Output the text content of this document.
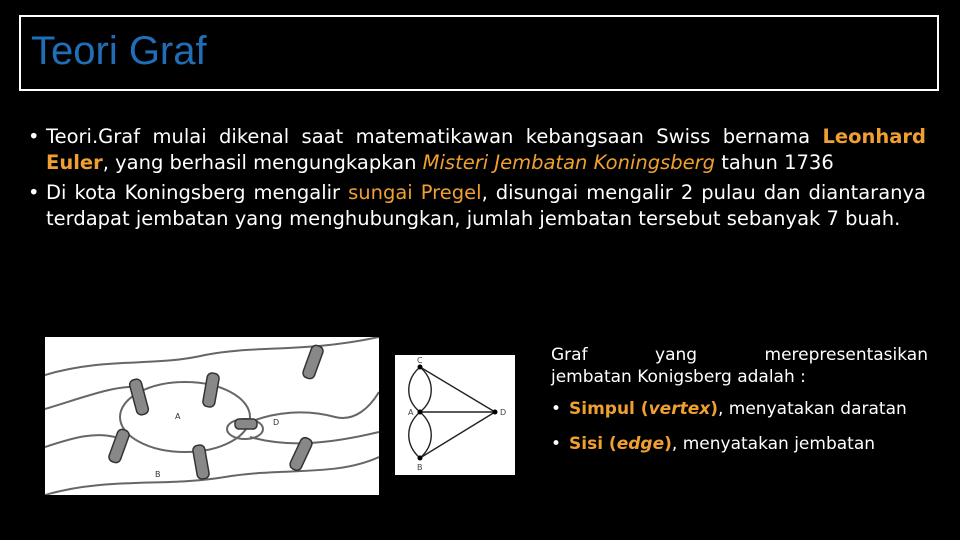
Teori Graf
• Teori.Graf mulai dikenal saat matematikawan kebangsaan Swiss bernama Leonhard Euler, yang berhasil mengungkapkan Misteri Jembatan Koningsberg tahun 1736
• Di kota Koningsberg mengalir sungai Pregel, disungai mengalir 2 pulau dan diantaranya terdapat jembatan yang menghubungkan, jumlah jembatan tersebut sebanyak 7 buah.
A
D
B
C
A	D
B

Graf yang merepresentasikan

jembatan Konigsberg adalah :

• Simpul (vertex), menyatakan daratan
• Sisi (edge), menyatakan jembatan
